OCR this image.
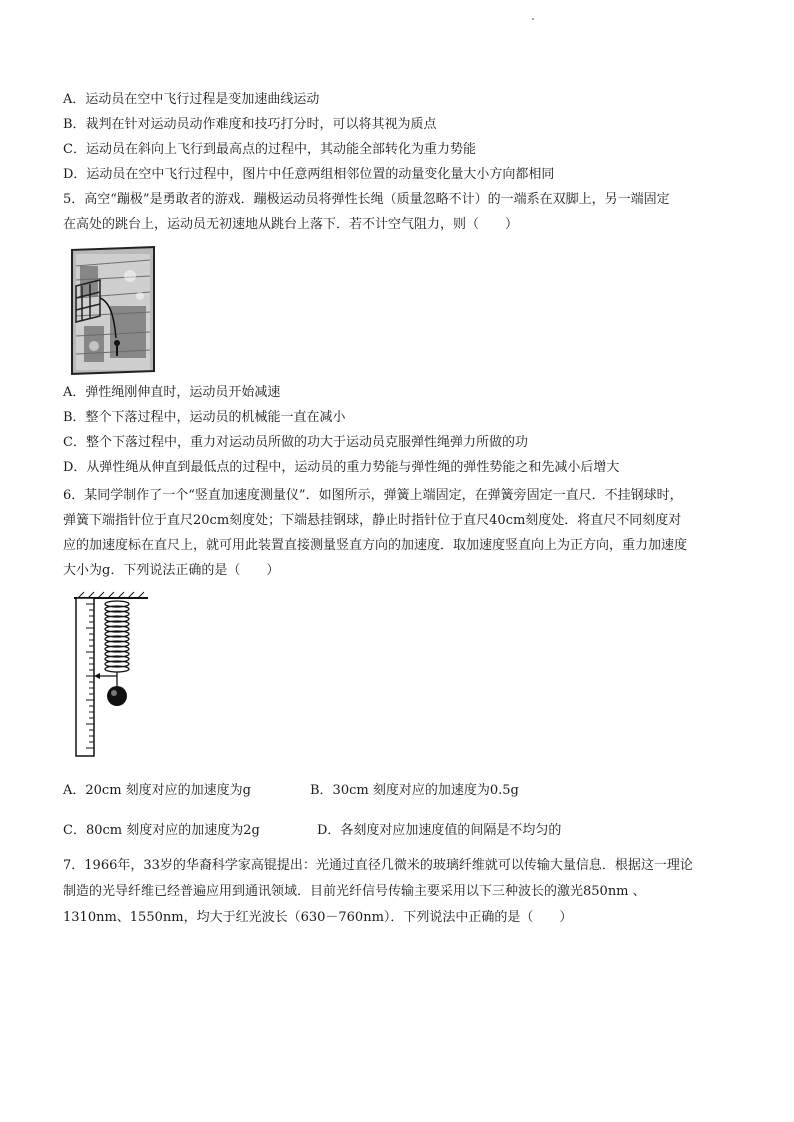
A．运动员在空中飞行过程是变加速曲线运动
B．裁判在针对运动员动作难度和技巧打分时，可以将其视为质点
C．运动员在斜向上飞行到最高点的过程中，其动能全部转化为重力势能
D．运动员在空中飞行过程中，图片中任意两组相邻位置的动量变化量大小方向都相同
5．高空“蹦极”是勇敢者的游戏．蹦极运动员将弹性长绳（质量忽略不计）的一端系在双脚上，另一端固定
在高处的跳台上，运动员无初速地从跳台上落下．若不计空气阻力，则（　　）
A．弹性绳刚伸直时，运动员开始减速
B．整个下落过程中，运动员的机械能一直在减小
C．整个下落过程中，重力对运动员所做的功大于运动员克服弹性绳弹力所做的功
D．从弹性绳从伸直到最低点的过程中，运动员的重力势能与弹性绳的弹性势能之和先减小后增大
6．某同学制作了一个“竖直加速度测量仪”．如图所示，弹簧上端固定，在弹簧旁固定一直尺．不挂钢球时，
弹簧下端指针位于直尺20cm刻度处；下端悬挂钢球，静止时指针位于直尺40cm刻度处．将直尺不同刻度对
应的加速度标在直尺上，就可用此装置直接测量竖直方向的加速度．取加速度竖直向上为正方向，重力加速度
大小为g．下列说法正确的是（　　）
A．20cm 刻度对应的加速度为g	B．30cm 刻度对应的加速度为0.5g
C．80cm 刻度对应的加速度为2g	D．各刻度对应加速度值的间隔是不均匀的
7．1966年，33岁的华裔科学家高锟提出：光通过直径几微米的玻璃纤维就可以传输大量信息．根据这一理论
制造的光导纤维已经普遍应用到通讯领域．目前光纤信号传输主要采用以下三种波长的激光850nm 、
1310nm、1550nm，均大于红光波长（630－760nm）．下列说法中正确的是（　　）
